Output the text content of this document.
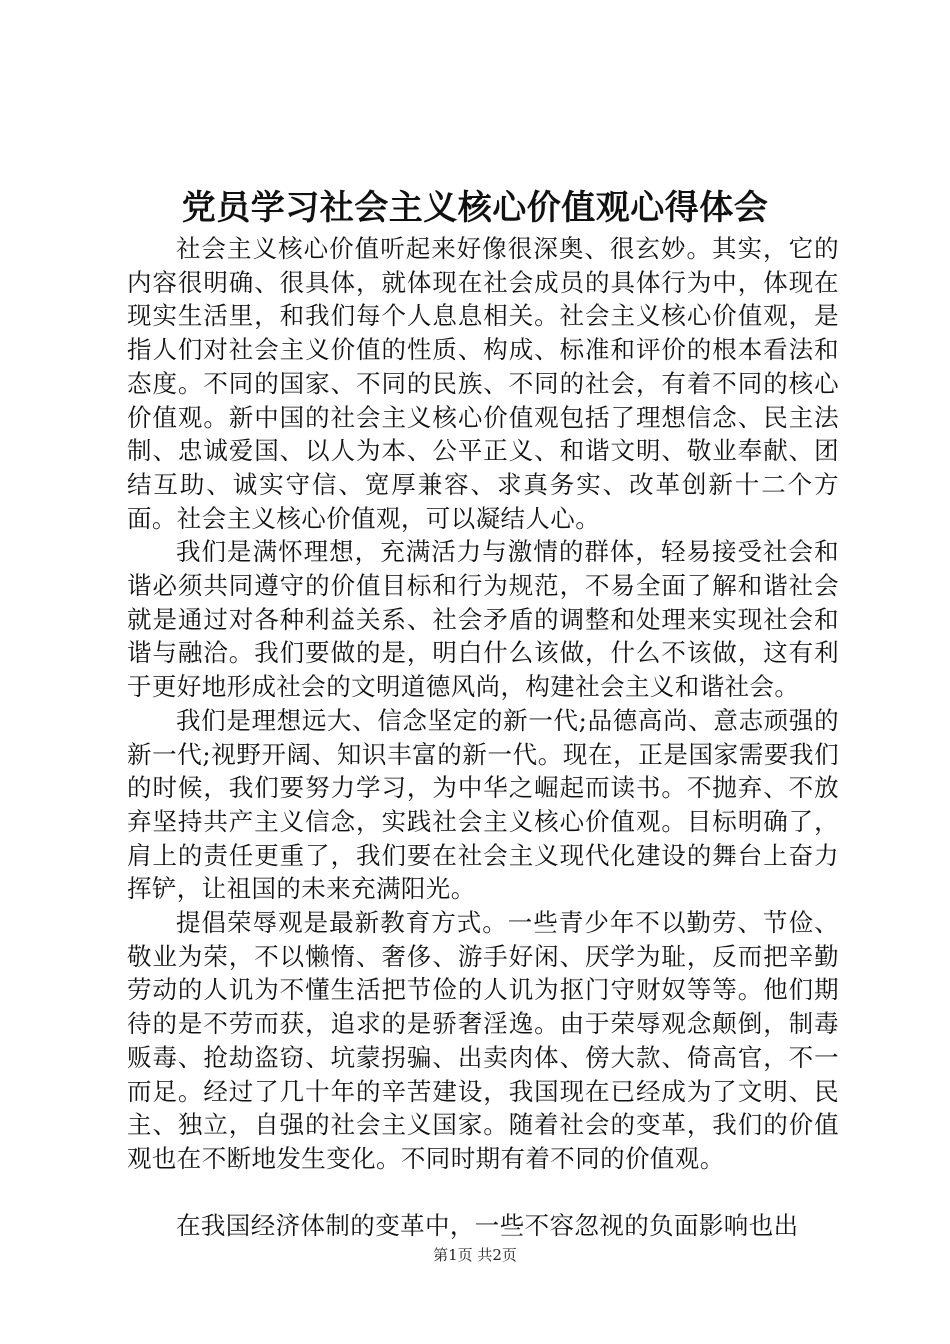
党员学习社会主义核心价值观心得体会

社会主义核心价值听起来好像很深奥、很玄妙。其实，它的内容很明确、很具体，就体现在社会成员的具体行为中，体现在现实生活里，和我们每个人息息相关。社会主义核心价值观，是指人们对社会主义价值的性质、构成、标准和评价的根本看法和态度。不同的国家、不同的民族、不同的社会，有着不同的核心价值观。新中国的社会主义核心价值观包括了理想信念、民主法制、忠诚爱国、以人为本、公平正义、和谐文明、敬业奉献、团结互助、诚实守信、宽厚兼容、求真务实、改革创新十二个方面。社会主义核心价值观，可以凝结人心。

我们是满怀理想，充满活力与激情的群体，轻易接受社会和谐必须共同遵守的价值目标和行为规范，不易全面了解和谐社会就是通过对各种利益关系、社会矛盾的调整和处理来实现社会和谐与融洽。我们要做的是，明白什么该做，什么不该做，这有利于更好地形成社会的文明道德风尚，构建社会主义和谐社会。

我们是理想远大、信念坚定的新一代;品德高尚、意志顽强的新一代;视野开阔、知识丰富的新一代。现在，正是国家需要我们的时候，我们要努力学习，为中华之崛起而读书。不抛弃、不放弃坚持共产主义信念，实践社会主义核心价值观。目标明确了，肩上的责任更重了，我们要在社会主义现代化建设的舞台上奋力挥铲，让祖国的未来充满阳光。

提倡荣辱观是最新教育方式。一些青少年不以勤劳、节俭、敬业为荣，不以懒惰、奢侈、游手好闲、厌学为耻，反而把辛勤劳动的人讥为不懂生活把节俭的人讥为抠门守财奴等等。他们期待的是不劳而获，追求的是骄奢淫逸。由于荣辱观念颠倒，制毒贩毒、抢劫盗窃、坑蒙拐骗、出卖肉体、傍大款、倚高官，不一而足。经过了几十年的辛苦建设，我国现在已经成为了文明、民主、独立，自强的社会主义国家。随着社会的变革，我们的价值观也在不断地发生变化。不同时期有着不同的价值观。

在我国经济体制的变革中，一些不容忽视的负面影响也出

第1页 共2页
